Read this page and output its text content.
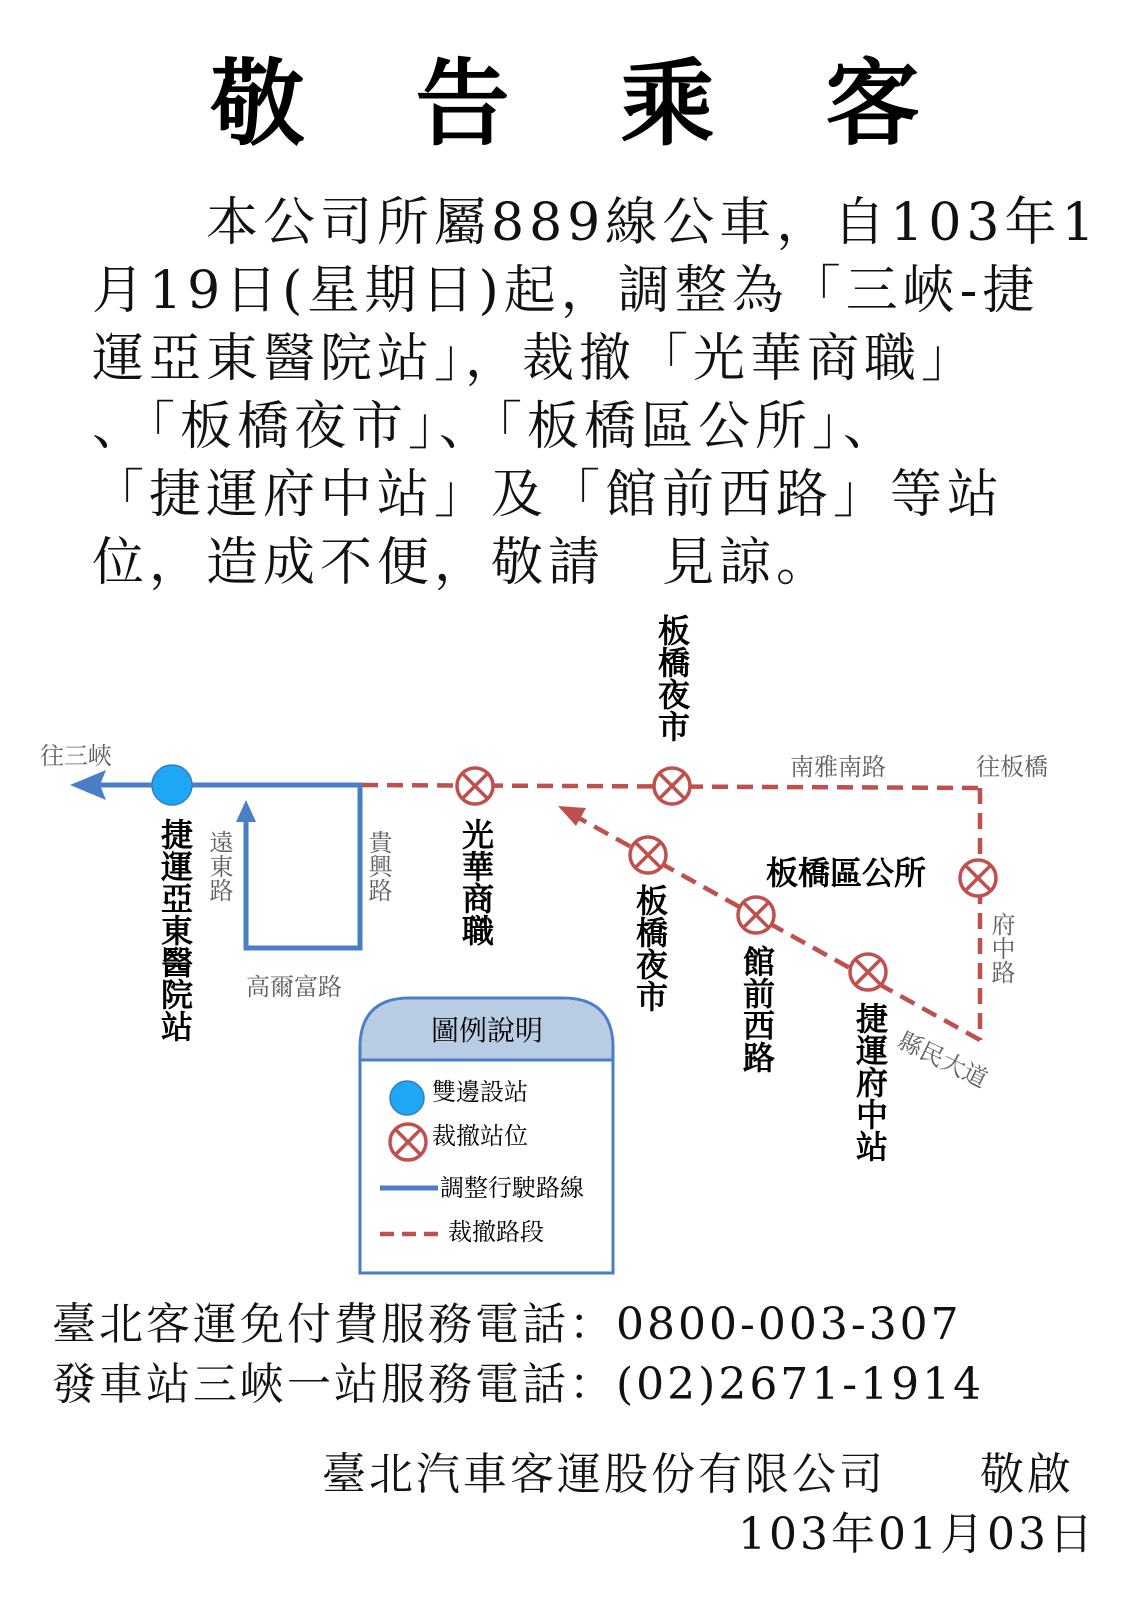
敬	告	乘	客
　　本公司所屬889線公車，自103年1
月19日(星期日)起，調整為「三峽-捷
運亞東醫院站」，裁撤「光華商職」
、「板橋夜市」、「板橋區公所」、
「捷運府中站」及「館前西路」等站
位，造成不便，敬請　見諒。
往三峽	往板橋
南雅南路
高爾富路
縣民大道
遠東路	貴興路
府中路
捷運亞東醫院站	光華商職
板橋夜市
板橋夜市 館前西路 捷運府中站
板橋區公所
圖例說明
雙邊設站
裁撤站位
調整行駛路線
裁撤路段
臺北客運免付費服務電話：0800-003-307
發車站三峽一站服務電話：(02)2671-1914
臺北汽車客運股份有限公司　　敬啟
103年01月03日
